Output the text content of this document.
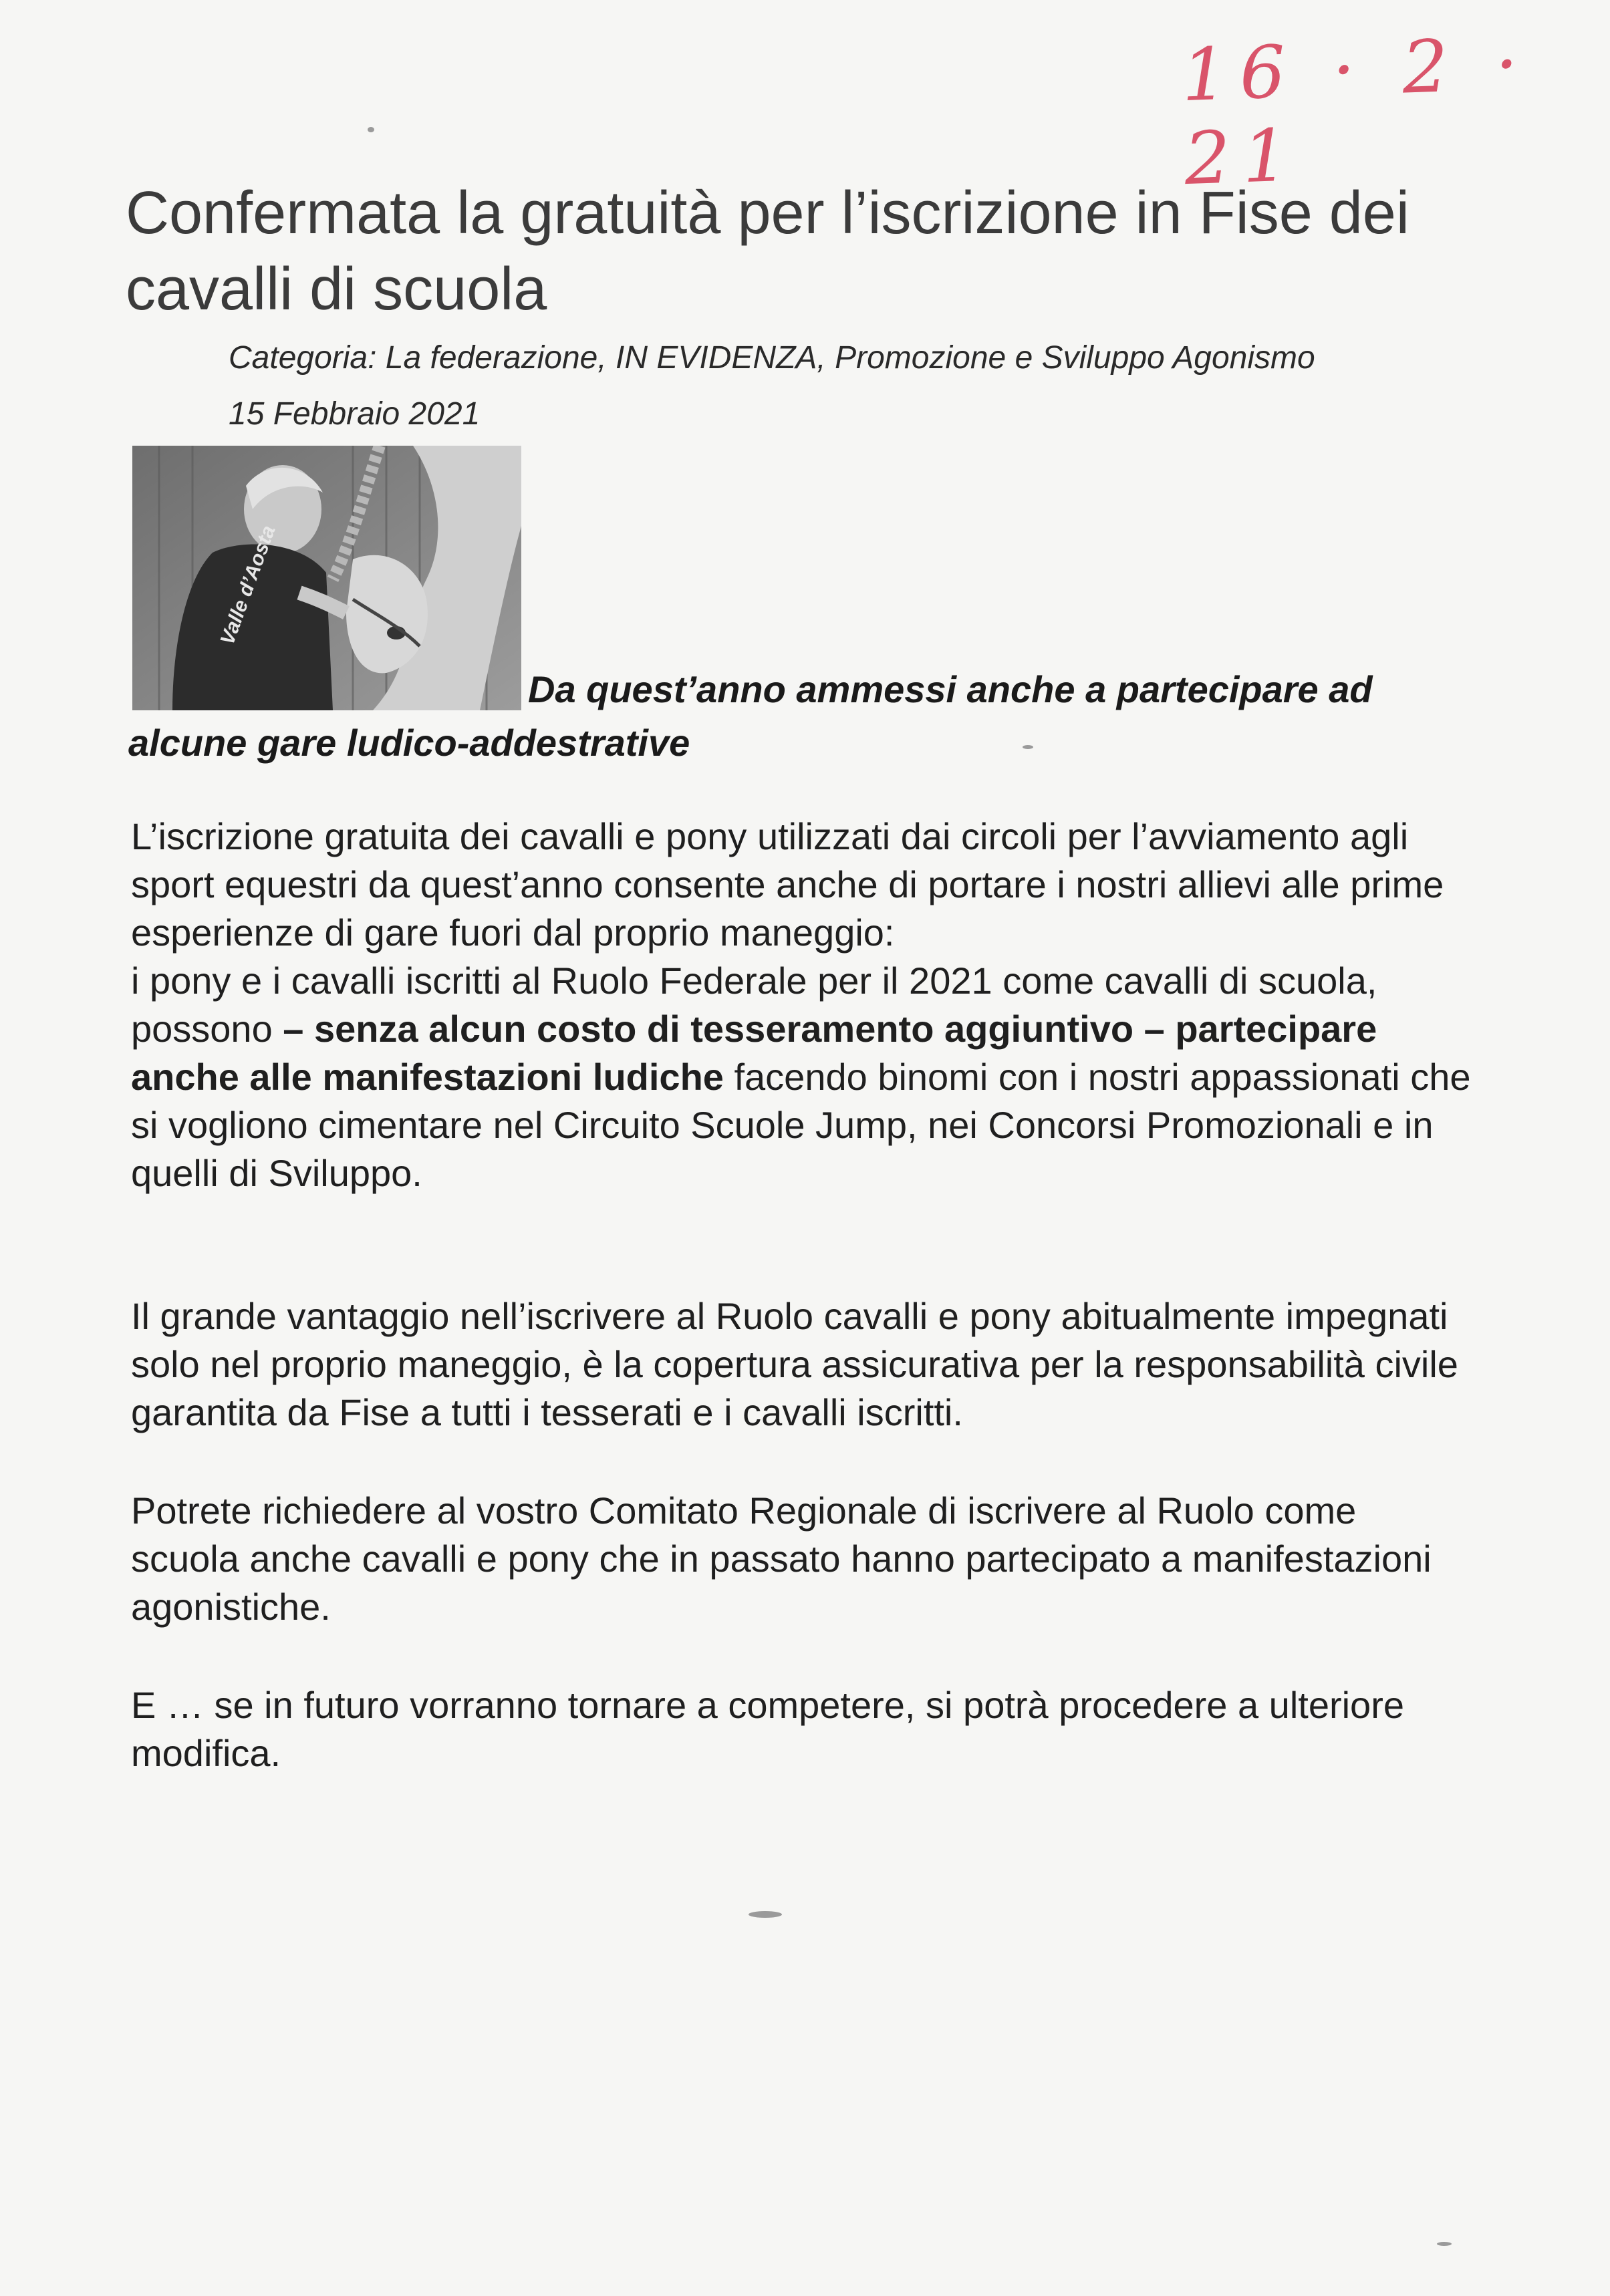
16 · 2 · 21
Confermata la gratuità per l’iscrizione in Fise dei cavalli di scuola
Categoria: La federazione, IN EVIDENZA, Promozione e Sviluppo Agonismo
15 Febbraio 2021
Valle d’Aosta
Da quest’anno ammessi anche a partecipare ad alcune gare ludico-addestrative

L’iscrizione gratuita dei cavalli e pony utilizzati dai circoli per l’avviamento agli sport equestri da quest’anno consente anche di portare i nostri allievi alle prime esperienze di gare fuori dal proprio maneggio:
i pony e i cavalli iscritti al Ruolo Federale per il 2021 come cavalli di scuola, possono – senza alcun costo di tesseramento aggiuntivo – partecipare anche alle manifestazioni ludiche facendo binomi con i nostri appassionati che si vogliono cimentare nel Circuito Scuole Jump, nei Concorsi Promozionali e in quelli di Sviluppo.

Il grande vantaggio nell’iscrivere al Ruolo cavalli e pony abitualmente impegnati solo nel proprio maneggio, è la copertura assicurativa per la responsabilità civile garantita da Fise a tutti i tesserati e i cavalli iscritti.

Potrete richiedere al vostro Comitato Regionale di iscrivere al Ruolo come scuola anche cavalli e pony che in passato hanno partecipato a manifestazioni agonistiche.

E … se in futuro vorranno tornare a competere, si potrà procedere a ulteriore modifica.
